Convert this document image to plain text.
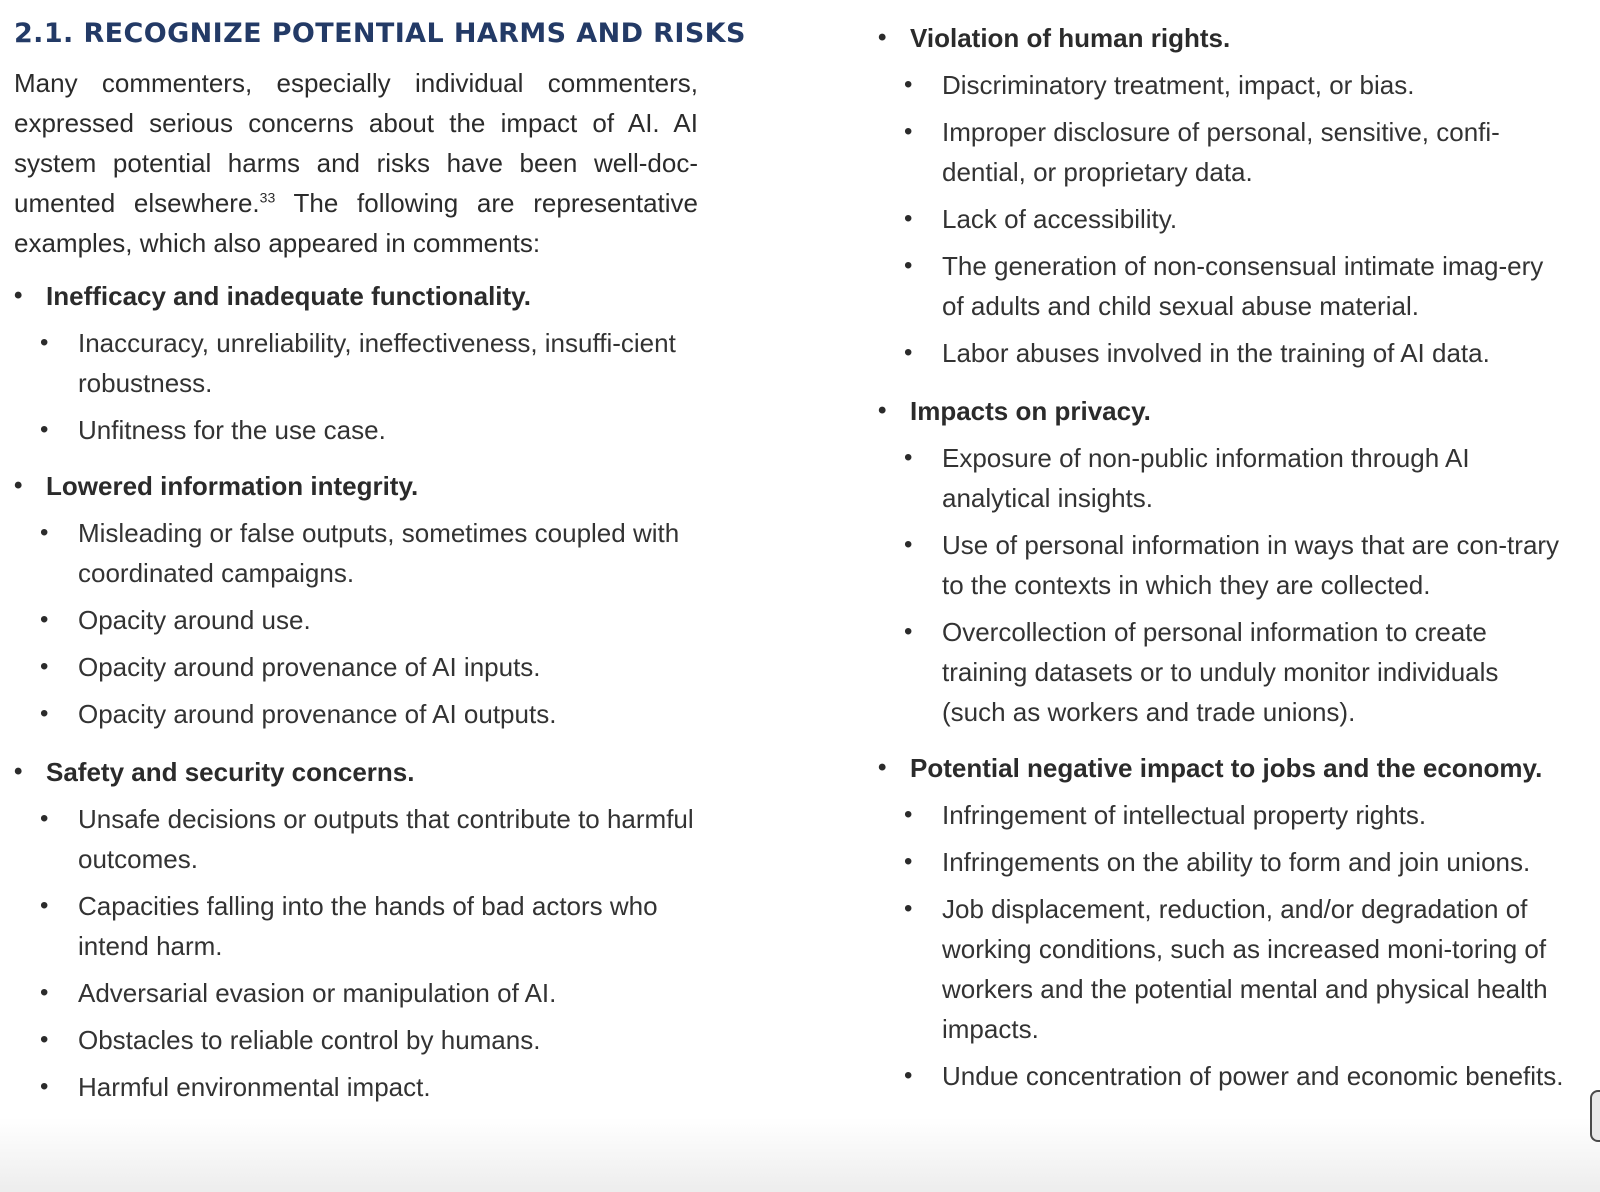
2.1. RECOGNIZE POTENTIAL HARMS AND RISKS

Many commenters, especially individual commenters, expressed serious concerns about the impact of AI. AI system potential harms and risks have been well-doc-umented elsewhere.$^{33}$ The following are representative examples, which also appeared in comments:

• Inefficacy and inadequate functionality.
• Inaccuracy, unreliability, ineffectiveness, insuffi-cient robustness.
• Unfitness for the use case.
• Lowered information integrity.
• Misleading or false outputs, sometimes coupled with coordinated campaigns.
• Opacity around use.
• Opacity around provenance of AI inputs.
• Opacity around provenance of AI outputs.
• Safety and security concerns.
• Unsafe decisions or outputs that contribute to harmful outcomes.
• Capacities falling into the hands of bad actors who intend harm.
• Adversarial evasion or manipulation of AI.
• Obstacles to reliable control by humans.
• Harmful environmental impact.
• Violation of human rights.
• Discriminatory treatment, impact, or bias.
• Improper disclosure of personal, sensitive, confi-dential, or proprietary data.
• Lack of accessibility.
• The generation of non-consensual intimate imag-ery of adults and child sexual abuse material.
• Labor abuses involved in the training of AI data.
• Impacts on privacy.
• Exposure of non-public information through AI analytical insights.
• Use of personal information in ways that are con-trary to the contexts in which they are collected.
• Overcollection of personal information to create training datasets or to unduly monitor individuals (such as workers and trade unions).
• Potential negative impact to jobs and the economy.
• Infringement of intellectual property rights.
• Infringements on the ability to form and join unions.
• Job displacement, reduction, and/or degradation of working conditions, such as increased moni-toring of workers and the potential mental and physical health impacts.
• Undue concentration of power and economic benefits.
